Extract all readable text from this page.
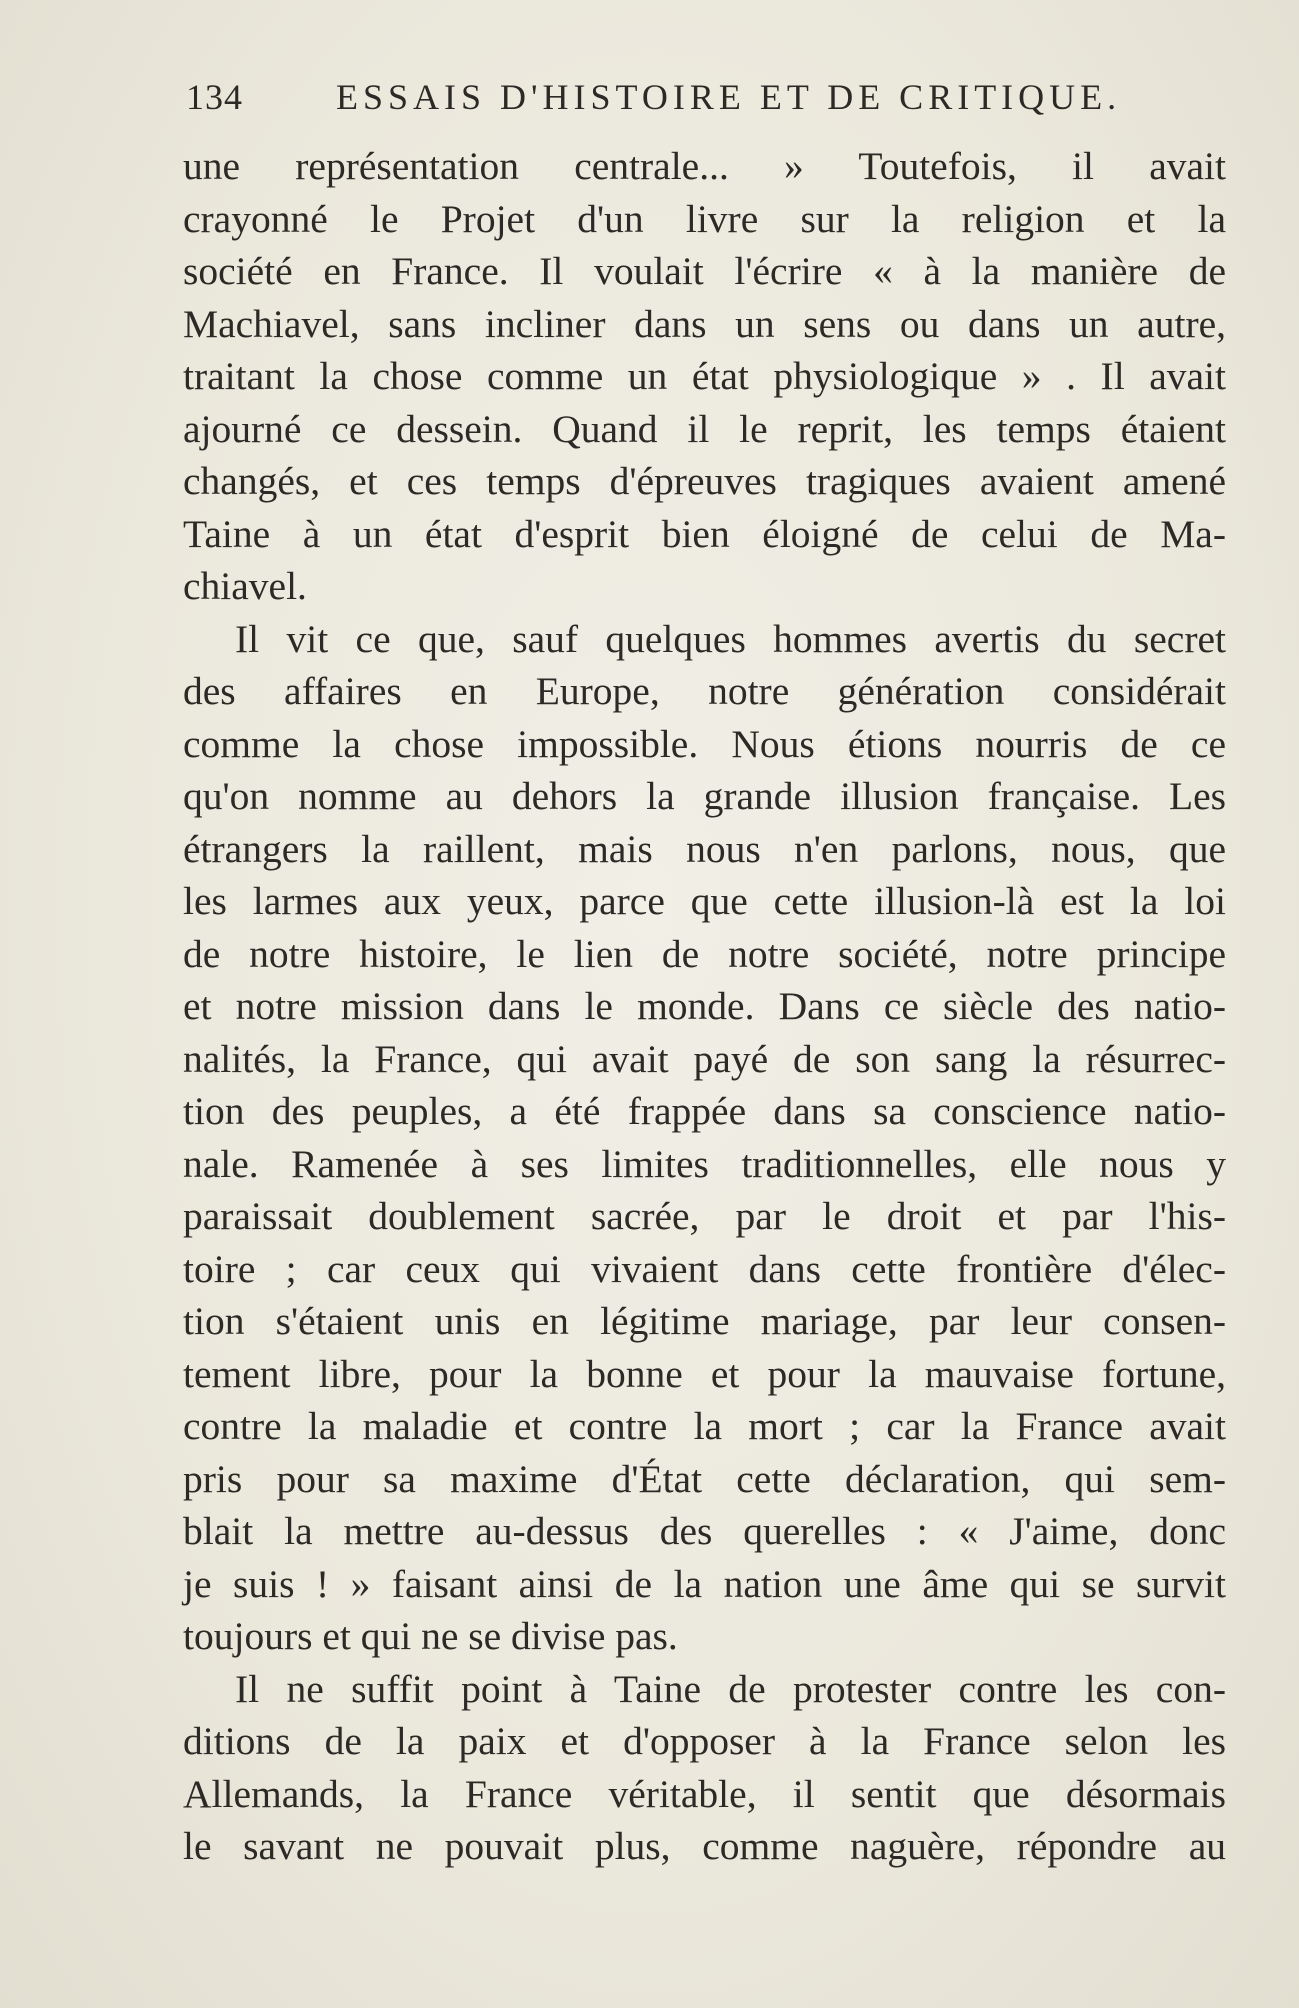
134	ESSAIS D'HISTOIRE ET DE CRITIQUE.
une représentation centrale... » Toutefois, il avait
crayonné le Projet d'un livre sur la religion et la
société en France. Il voulait l'écrire « à la manière de
Machiavel, sans incliner dans un sens ou dans un autre,
traitant la chose comme un état physiologique » . Il avait
ajourné ce dessein. Quand il le reprit, les temps étaient
changés, et ces temps d'épreuves tragiques avaient amené
Taine à un état d'esprit bien éloigné de celui de Ma-
chiavel.
Il vit ce que, sauf quelques hommes avertis du secret
des affaires en Europe, notre génération considérait
comme la chose impossible. Nous étions nourris de ce
qu'on nomme au dehors la grande illusion française. Les
étrangers la raillent, mais nous n'en parlons, nous, que
les larmes aux yeux, parce que cette illusion-là est la loi
de notre histoire, le lien de notre société, notre principe
et notre mission dans le monde. Dans ce siècle des natio-
nalités, la France, qui avait payé de son sang la résurrec-
tion des peuples, a été frappée dans sa conscience natio-
nale. Ramenée à ses limites traditionnelles, elle nous y
paraissait doublement sacrée, par le droit et par l'his-
toire ; car ceux qui vivaient dans cette frontière d'élec-
tion s'étaient unis en légitime mariage, par leur consen-
tement libre, pour la bonne et pour la mauvaise fortune,
contre la maladie et contre la mort ; car la France avait
pris pour sa maxime d'État cette déclaration, qui sem-
blait la mettre au-dessus des querelles : « J'aime, donc
je suis ! » faisant ainsi de la nation une âme qui se survit
toujours et qui ne se divise pas.
Il ne suffit point à Taine de protester contre les con-
ditions de la paix et d'opposer à la France selon les
Allemands, la France véritable, il sentit que désormais
le savant ne pouvait plus, comme naguère, répondre au
